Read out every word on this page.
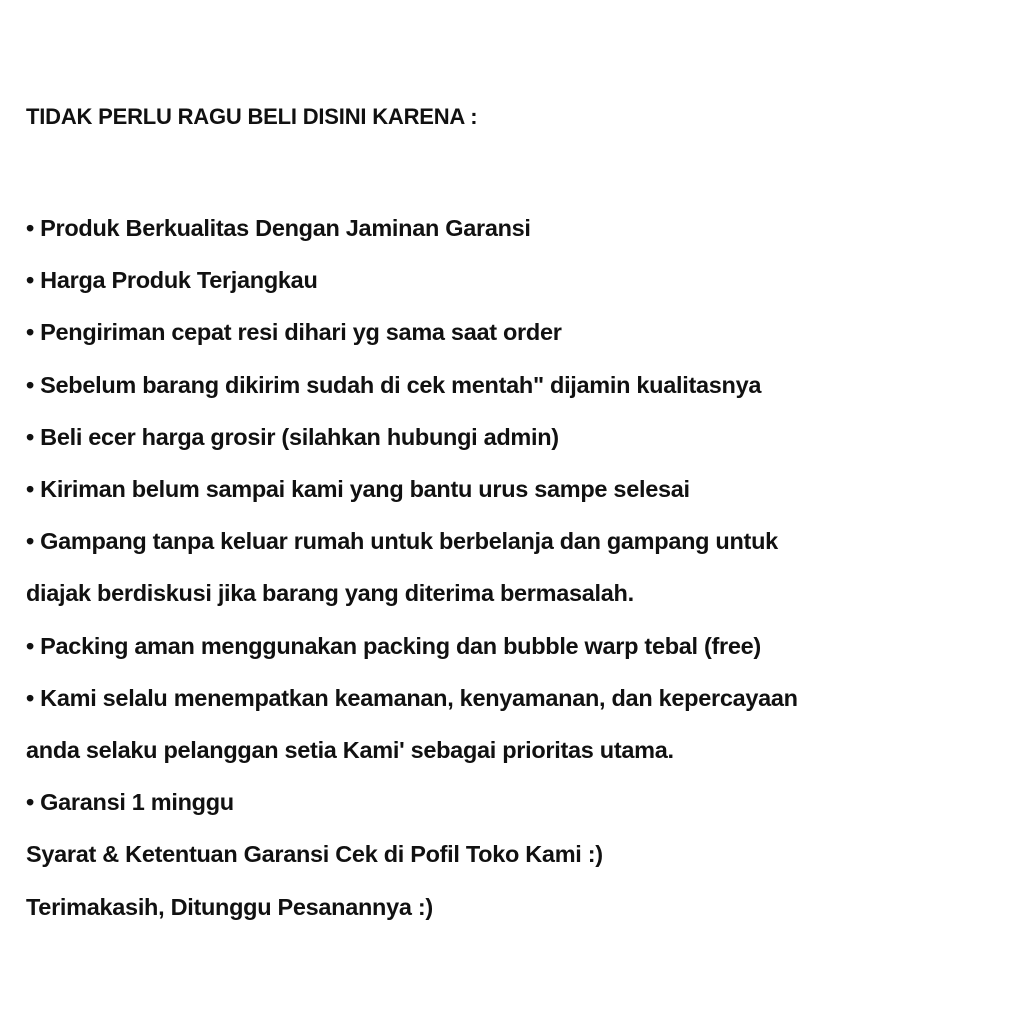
TIDAK PERLU RAGU BELI DISINI KARENA :
• Produk Berkualitas Dengan Jaminan Garansi
• Harga Produk Terjangkau
• Pengiriman cepat resi dihari yg sama saat order
• Sebelum barang dikirim sudah di cek mentah" dijamin kualitasnya
• Beli ecer harga grosir (silahkan hubungi admin)
• Kiriman belum sampai kami yang bantu urus sampe selesai
• Gampang tanpa keluar rumah untuk berbelanja dan gampang untuk
diajak berdiskusi jika barang yang diterima bermasalah.
• Packing aman menggunakan packing dan bubble warp tebal (free)
• Kami selalu menempatkan keamanan, kenyamanan, dan kepercayaan
anda selaku pelanggan setia Kami' sebagai prioritas utama.
• Garansi 1 minggu
Syarat & Ketentuan Garansi Cek di Pofil Toko Kami :)
Terimakasih, Ditunggu Pesanannya :)
